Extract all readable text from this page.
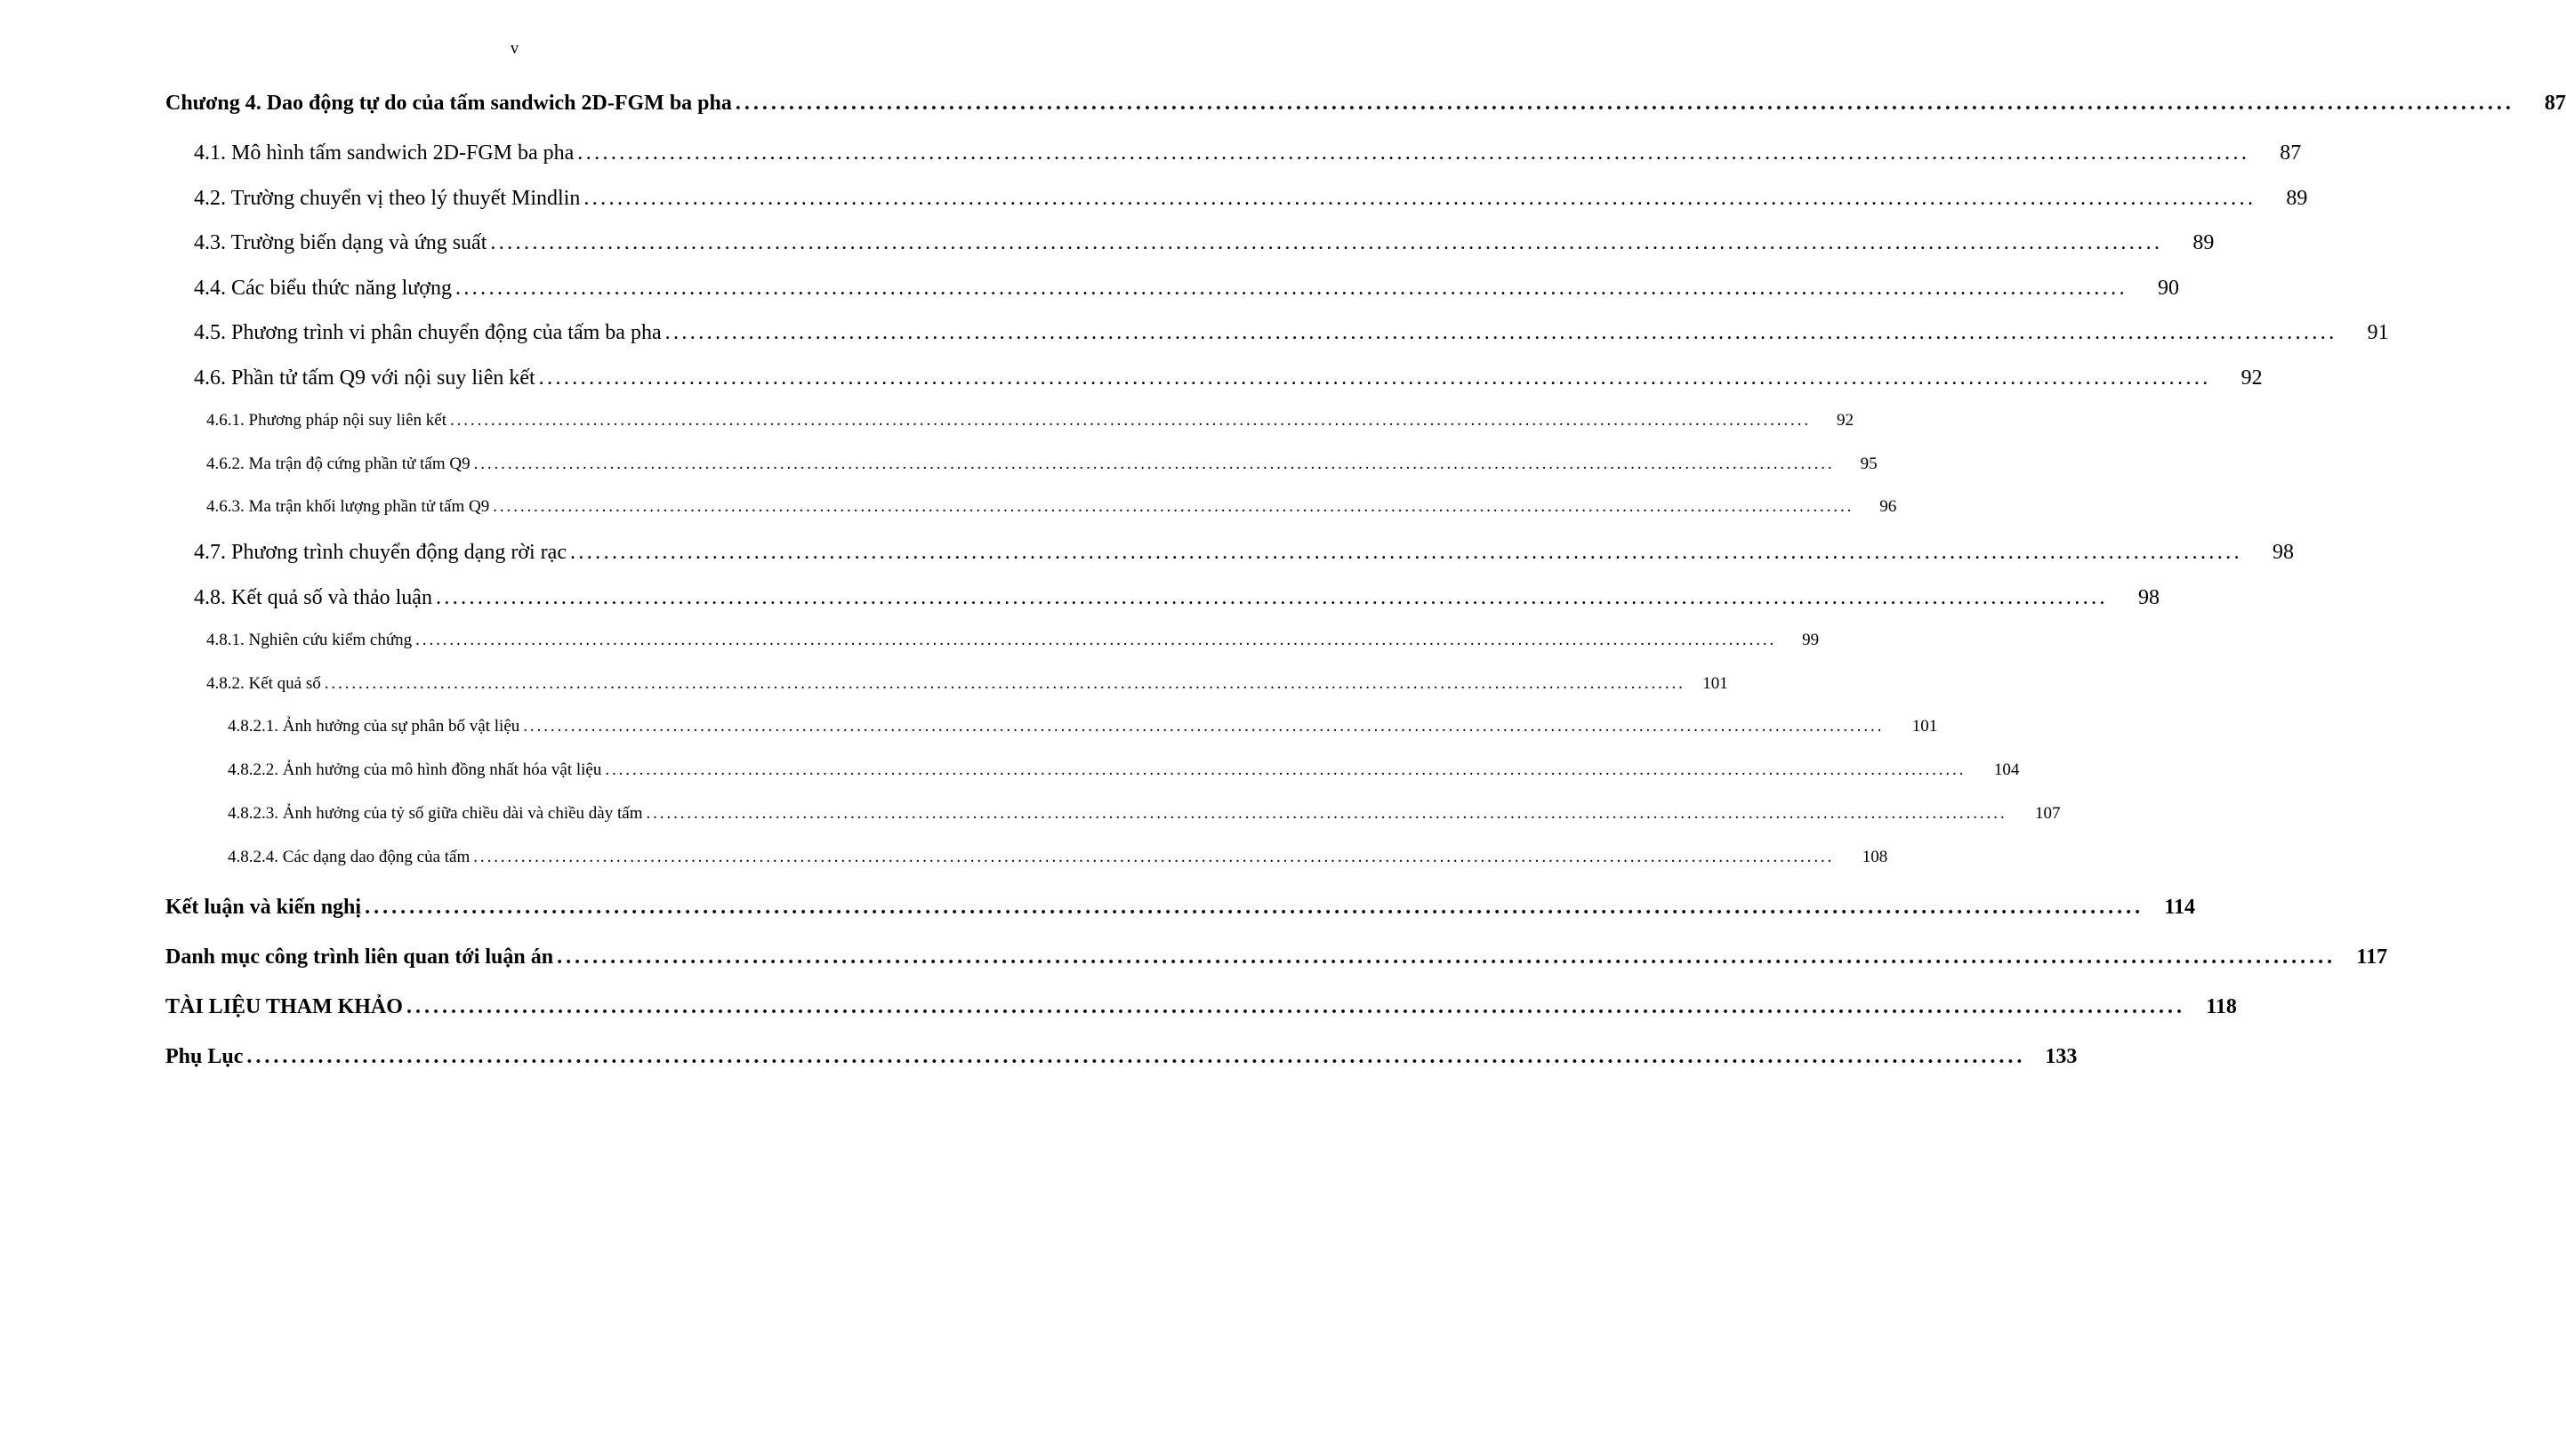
v
Chương 4. Dao động tự do của tấm sandwich 2D-FGM ba pha ........................................................................................................................................................................................................	87
4.1. Mô hình tấm sandwich 2D-FGM ba pha ........................................................................................................................................................................................................	87
4.2. Trường chuyển vị theo lý thuyết Mindlin ........................................................................................................................................................................................................	89
4.3. Trường biến dạng và ứng suất ........................................................................................................................................................................................................	89
4.4. Các biểu thức năng lượng ........................................................................................................................................................................................................	90
4.5. Phương trình vi phân chuyển động của tấm ba pha ........................................................................................................................................................................................................	91
4.6. Phần tử tấm Q9 với nội suy liên kết ........................................................................................................................................................................................................	92
4.6.1. Phương pháp nội suy liên kết ........................................................................................................................................................................................................	92
4.6.2. Ma trận độ cứng phần tử tấm Q9 ........................................................................................................................................................................................................	95
4.6.3. Ma trận khối lượng phần tử tấm Q9 ........................................................................................................................................................................................................	96
4.7. Phương trình chuyển động dạng rời rạc ........................................................................................................................................................................................................	98
4.8. Kết quả số và thảo luận ........................................................................................................................................................................................................	98
4.8.1. Nghiên cứu kiểm chứng ........................................................................................................................................................................................................	99
4.8.2. Kết quả số ........................................................................................................................................................................................................	101
4.8.2.1. Ảnh hưởng của sự phân bố vật liệu ........................................................................................................................................................................................................	101
4.8.2.2. Ảnh hưởng của mô hình đồng nhất hóa vật liệu ........................................................................................................................................................................................................	104
4.8.2.3. Ảnh hưởng của tỷ số giữa chiều dài và chiều dày tấm ........................................................................................................................................................................................................	107
4.8.2.4. Các dạng dao động của tấm ........................................................................................................................................................................................................	108
Kết luận và kiến nghị ........................................................................................................................................................................................................ 114
Danh mục công trình liên quan tới luận án ........................................................................................................................................................................................................ 117
TÀI LIỆU THAM KHẢO ........................................................................................................................................................................................................ 118
Phụ Lục ........................................................................................................................................................................................................ 133
